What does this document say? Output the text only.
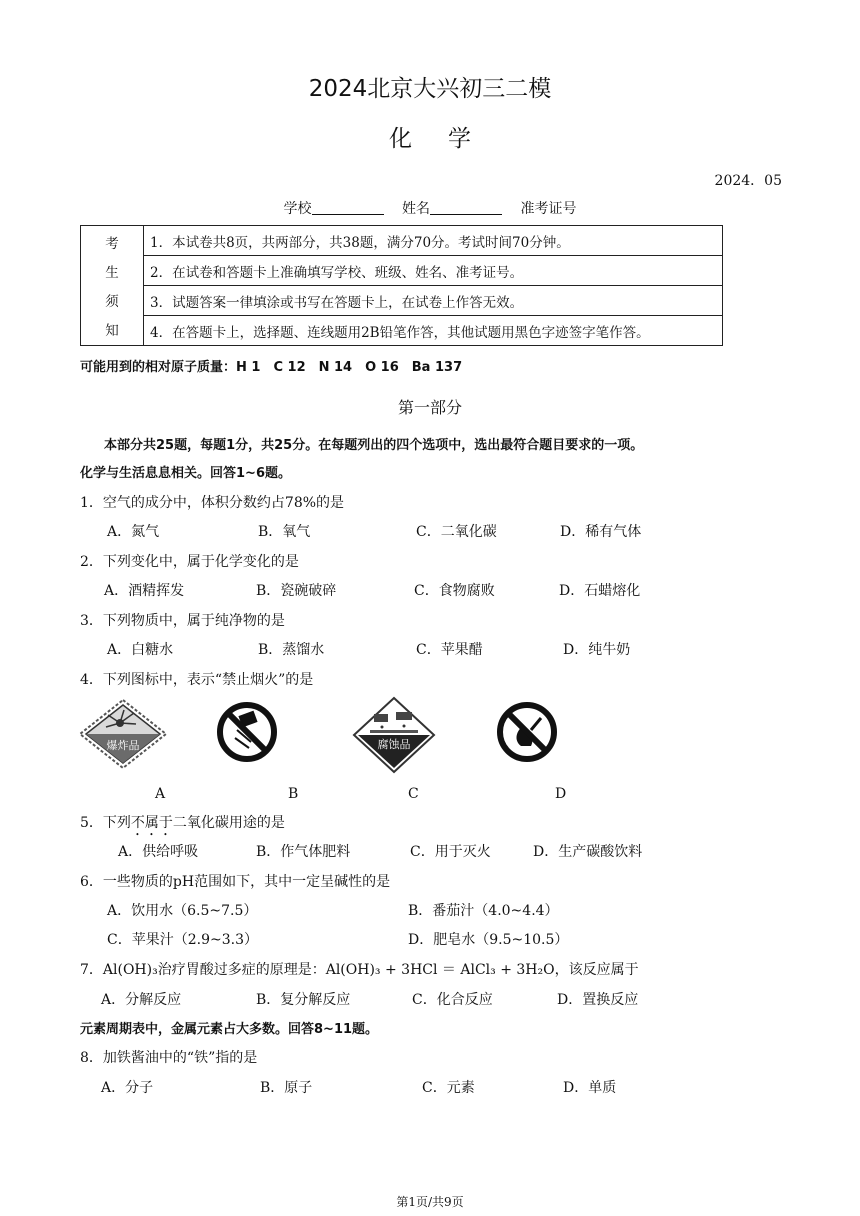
2024北京大兴初三二模
化学
2024．05
学校	姓名	准考证号
考
生
须
知
	1．本试卷共8页，共两部分，共38题，满分70分。考试时间70分钟。
2．在试卷和答题卡上准确填写学校、班级、姓名、准考证号。
3．试题答案一律填涂或书写在答题卡上，在试卷上作答无效。
4．在答题卡上，选择题、连线题用2B铅笔作答，其他试题用黑色字迹签字笔作答。
可能用到的相对原子质量：H 1　C 12　N 14　O 16　Ba 137
第一部分
本部分共25题，每题1分，共25分。在每题列出的四个选项中，选出最符合题目要求的一项。
化学与生活息息相关。回答1~6题。
1．空气的成分中，体积分数约占78%的是
A．氮气	B．氧气	C．二氧化碳	D．稀有气体
2．下列变化中，属于化学变化的是
A．酒精挥发	B．瓷碗破碎	C．食物腐败	D．石蜡熔化
3．下列物质中，属于纯净物的是
A．白糖水	B．蒸馏水	C．苹果醋	D．纯牛奶
4．下列图标中，表示“禁止烟火”的是
爆炸品	腐蚀品
A	B	C	D
5．下列不属于二氧化碳用途的是
A．供给呼吸	B．作气体肥料	C．用于灭火	D．生产碳酸饮料
6．一些物质的pH范围如下，其中一定呈碱性的是
A．饮用水（6.5~7.5）	B．番茄汁（4.0~4.4）
C．苹果汁（2.9~3.3）	D．肥皂水（9.5~10.5）
7．Al(OH)₃治疗胃酸过多症的原理是：Al(OH)₃ + 3HCl ＝ AlCl₃ + 3H₂O，该反应属于
A．分解反应	B．复分解反应	C．化合反应	D．置换反应
元素周期表中，金属元素占大多数。回答8~11题。
8．加铁酱油中的“铁”指的是
A．分子	B．原子	C．元素	D．单质
第1页/共9页
